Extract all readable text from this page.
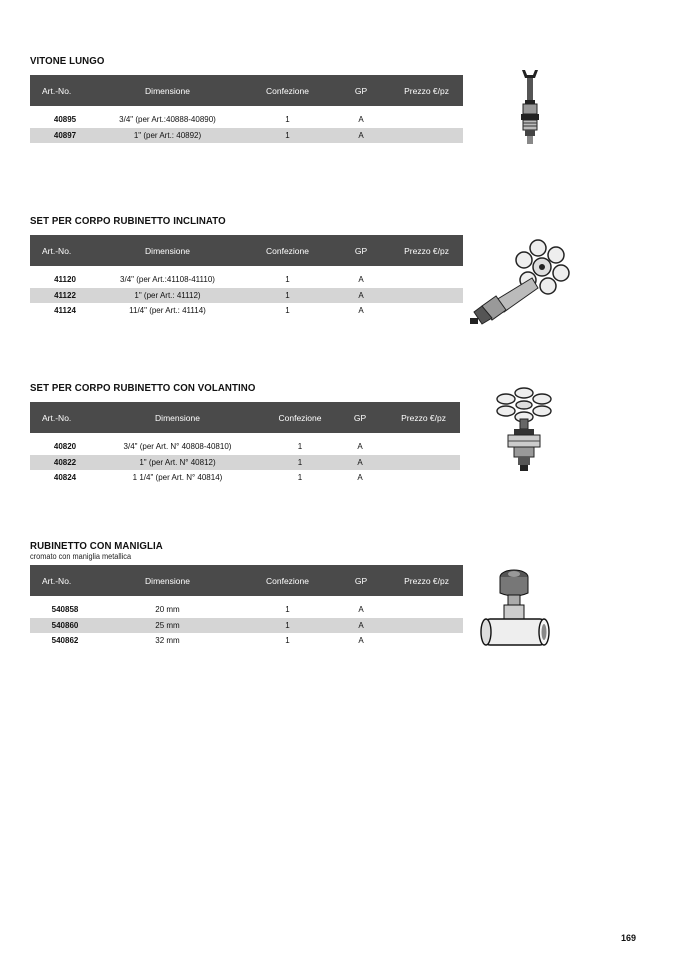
VITONE LUNGO
Art.-No.	Dimensione	Confezione	GP	Prezzo €/pz

40895	3/4" (per Art.:40888-40890)	1	A	
40897	1" (per Art.: 40892)	1	A	
SET PER CORPO RUBINETTO INCLINATO
Art.-No.	Dimensione	Confezione	GP	Prezzo €/pz

41120	3/4" (per Art.:41108-41110)	1	A	
41122	1" (per Art.: 41112)	1	A	
41124	11/4" (per Art.: 41114)	1	A	
SET PER CORPO RUBINETTO CON VOLANTINO
Art.-No.	Dimensione	Confezione	GP	Prezzo €/pz

40820	3/4" (per Art. N° 40808-40810)	1	A	
40822	1" (per Art. N° 40812)	1	A	
40824	1 1/4" (per Art. N° 40814)	1	A	
RUBINETTO CON MANIGLIA
cromato con maniglia metallica
Art.-No.	Dimensione	Confezione	GP	Prezzo €/pz

540858	20 mm	1	A	
540860	25 mm	1	A	
540862	32 mm	1	A	
169
